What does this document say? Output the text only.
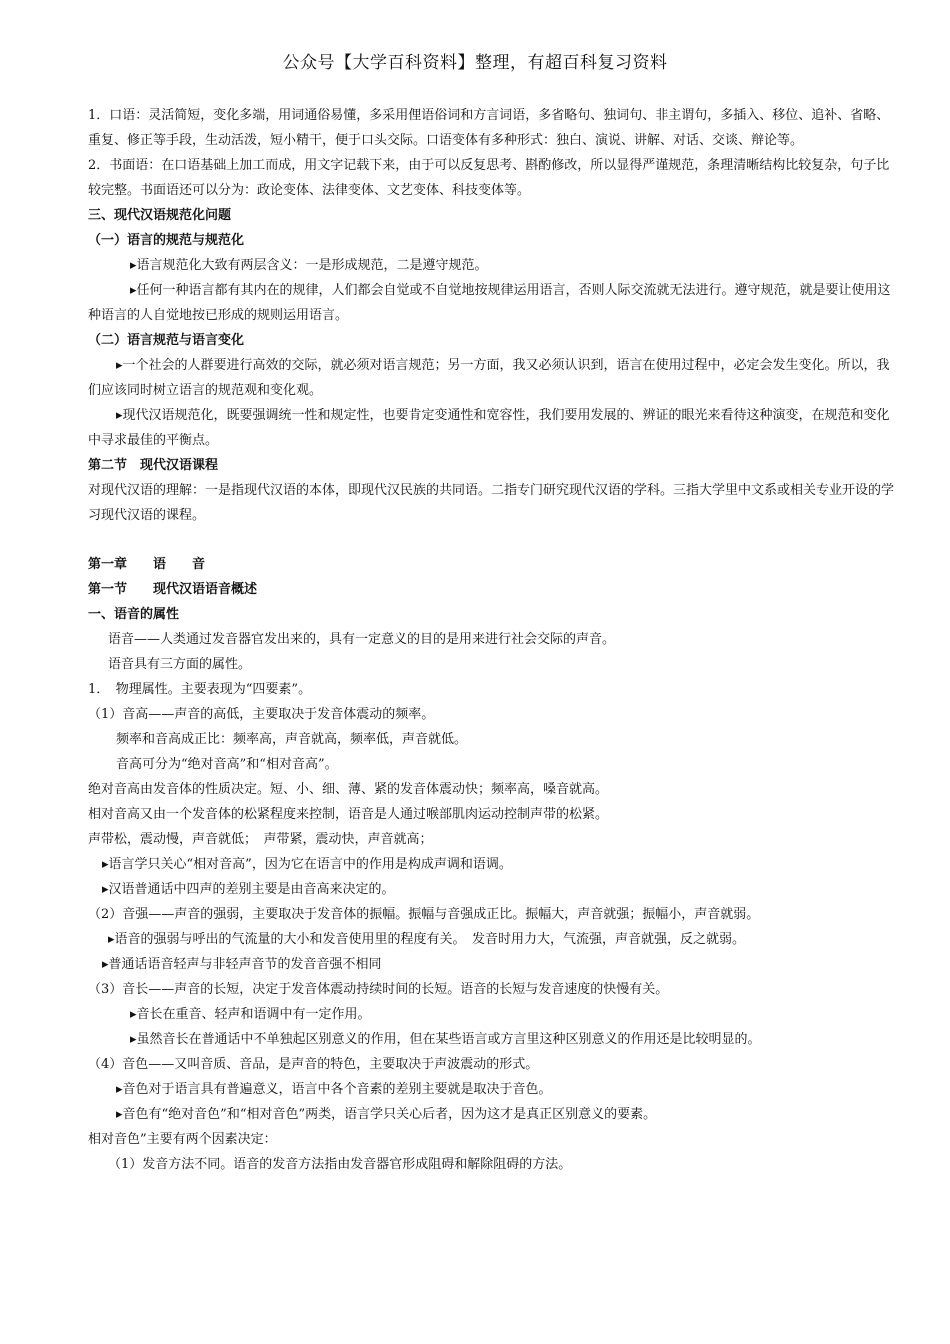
公众号【大学百科资料】整理，有超百科复习资料

1．口语：灵活简短，变化多端，用词通俗易懂，多采用俚语俗词和方言词语，多省略句、独词句、非主谓句，多插入、移位、追补、省略、重复、修正等手段，生动活泼，短小精干，便于口头交际。口语变体有多种形式：独白、演说、讲解、对话、交谈、辩论等。

2．书面语：在口语基础上加工而成，用文字记载下来，由于可以反复思考、斟酌修改，所以显得严谨规范，条理清晰结构比较复杂，句子比较完整。书面语还可以分为：政论变体、法律变体、文艺变体、科技变体等。

三、现代汉语规范化问题

（一）语言的规范与规范化

▸语言规范化大致有两层含义：一是形成规范，二是遵守规范。

▸任何一种语言都有其内在的规律，人们都会自觉或不自觉地按规律运用语言，否则人际交流就无法进行。遵守规范，就是要让使用这种语言的人自觉地按已形成的规则运用语言。

（二）语言规范与语言变化

▸一个社会的人群要进行高效的交际，就必须对语言规范；另一方面，我又必须认识到，语言在使用过程中，必定会发生变化。所以，我们应该同时树立语言的规范观和变化观。

▸现代汉语规范化，既要强调统一性和规定性，也要肯定变通性和宽容性，我们要用发展的、辨证的眼光来看待这种演变，在规范和变化中寻求最佳的平衡点。

第二节　现代汉语课程

对现代汉语的理解：一是指现代汉语的本体，即现代汉民族的共同语。二指专门研究现代汉语的学科。三指大学里中文系或相关专业开设的学习现代汉语的课程。

第一章　　语　　音

第一节　　现代汉语语音概述

一、语音的属性

语音——人类通过发音器官发出来的，具有一定意义的目的是用来进行社会交际的声音。

语音具有三方面的属性。

1．　物理属性。主要表现为“四要素”。

（1）音高——声音的高低，主要取决于发音体震动的频率。

频率和音高成正比：频率高，声音就高，频率低，声音就低。

音高可分为“绝对音高”和“相对音高”。

绝对音高由发音体的性质决定。短、小、细、薄、紧的发音体震动快；频率高，嗓音就高。

相对音高又由一个发音体的松紧程度来控制，语音是人通过喉部肌肉运动控制声带的松紧。

声带松，震动慢，声音就低；　声带紧，震动快，声音就高；

▸语言学只关心“相对音高”，因为它在语言中的作用是构成声调和语调。

▸汉语普通话中四声的差别主要是由音高来决定的。

（2）音强——声音的强弱，主要取决于发音体的振幅。振幅与音强成正比。振幅大，声音就强；振幅小，声音就弱。

▸语音的强弱与呼出的气流量的大小和发音使用里的程度有关。　发音时用力大，气流强，声音就强，反之就弱。

▸普通话语音轻声与非轻声音节的发音音强不相同

（3）音长——声音的长短，决定于发音体震动持续时间的长短。语音的长短与发音速度的快慢有关。

▸音长在重音、轻声和语调中有一定作用。

▸虽然音长在普通话中不单独起区别意义的作用，但在某些语言或方言里这种区别意义的作用还是比较明显的。

（4）音色——又叫音质、音品，是声音的特色，主要取决于声波震动的形式。

▸音色对于语言具有普遍意义，语言中各个音素的差别主要就是取决于音色。

▸音色有“绝对音色”和“相对音色”两类，语言学只关心后者，因为这才是真正区别意义的要素。

相对音色”主要有两个因素决定：

（1）发音方法不同。语音的发音方法指由发音器官形成阻碍和解除阻碍的方法。
